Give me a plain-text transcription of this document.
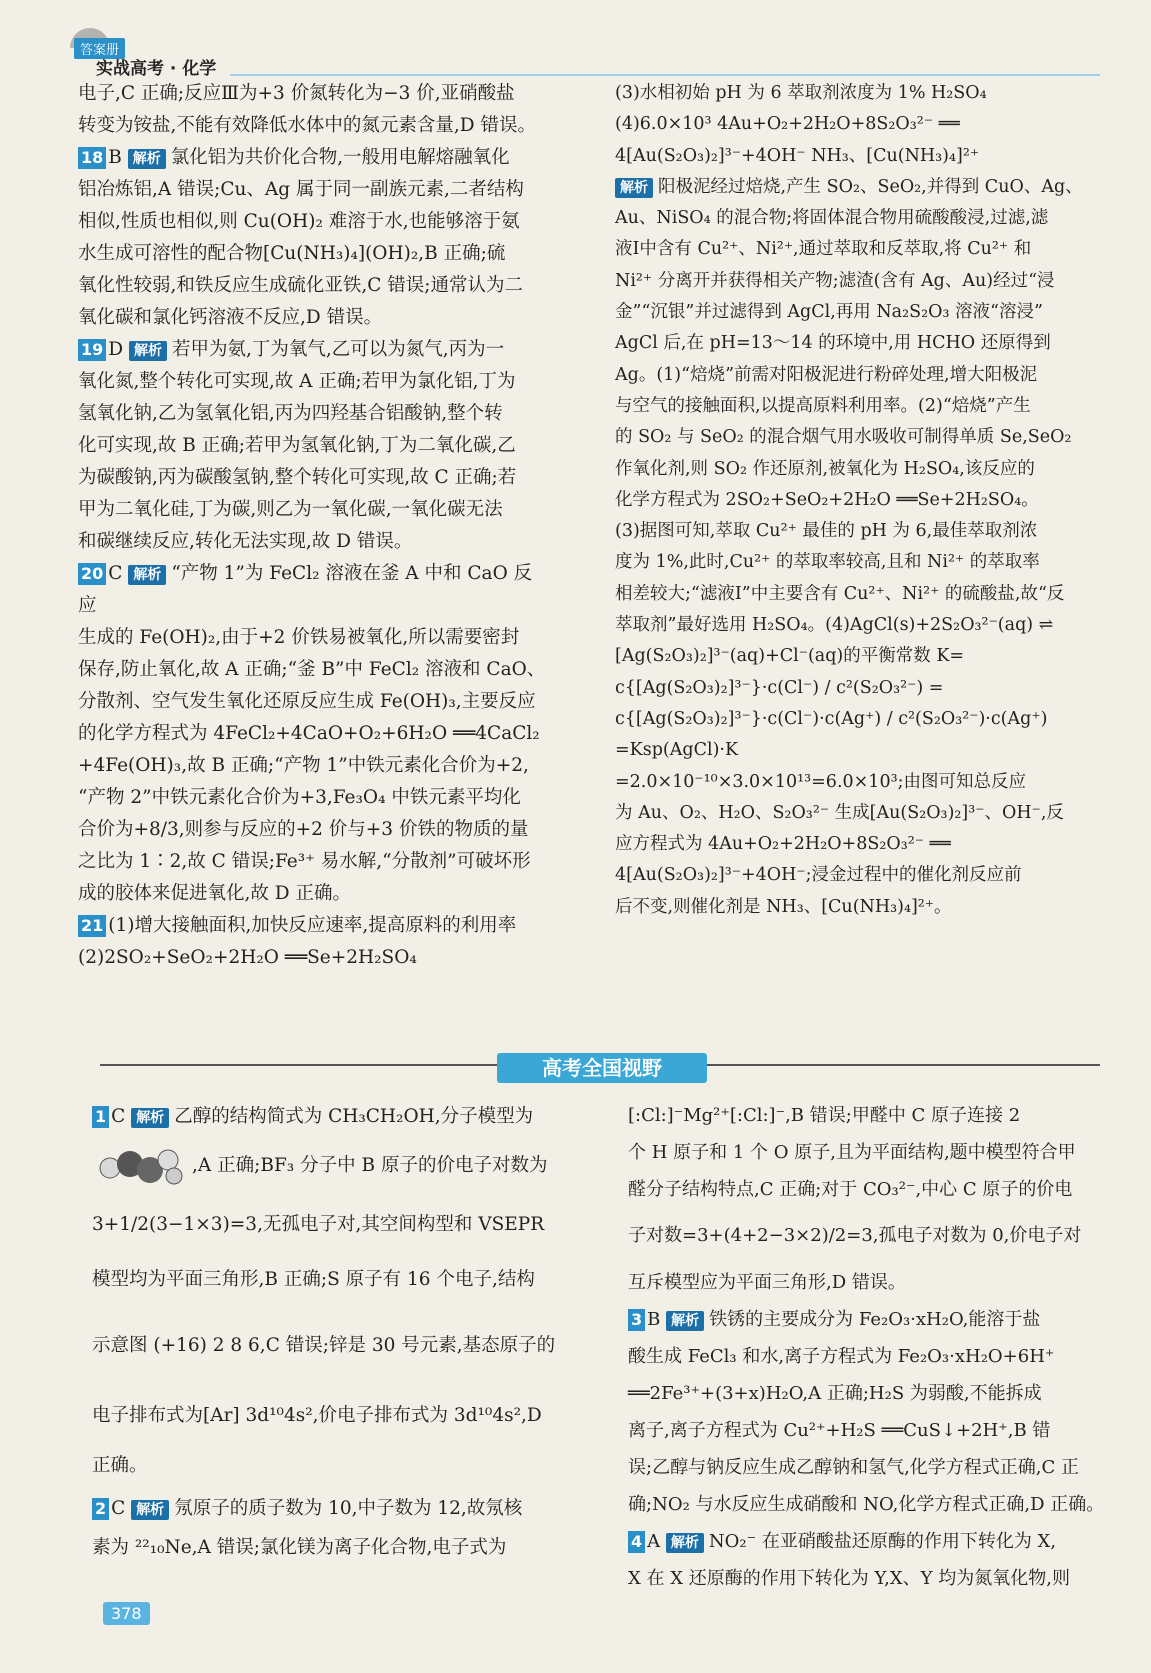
答案册
实战高考 · 化学

电子,C 正确;反应Ⅲ为+3 价氮转化为−3 价,亚硝酸盐

转变为铵盐,不能有效降低水体中的氮元素含量,D 错误。

18 B 解析 氯化铝为共价化合物,一般用电解熔融氧化

铝冶炼铝,A 错误;Cu、Ag 属于同一副族元素,二者结构

相似,性质也相似,则 Cu(OH)₂ 难溶于水,也能够溶于氨

水生成可溶性的配合物[Cu(NH₃)₄](OH)₂,B 正确;硫

氧化性较弱,和铁反应生成硫化亚铁,C 错误;通常认为二

氧化碳和氯化钙溶液不反应,D 错误。

19 D 解析 若甲为氨,丁为氧气,乙可以为氮气,丙为一

氧化氮,整个转化可实现,故 A 正确;若甲为氯化铝,丁为

氢氧化钠,乙为氢氧化铝,丙为四羟基合铝酸钠,整个转

化可实现,故 B 正确;若甲为氢氧化钠,丁为二氧化碳,乙

为碳酸钠,丙为碳酸氢钠,整个转化可实现,故 C 正确;若

甲为二氧化硅,丁为碳,则乙为一氧化碳,一氧化碳无法

和碳继续反应,转化无法实现,故 D 错误。

20 C 解析 “产物 1”为 FeCl₂ 溶液在釜 A 中和 CaO 反应

生成的 Fe(OH)₂,由于+2 价铁易被氧化,所以需要密封

保存,防止氧化,故 A 正确;“釜 B”中 FeCl₂ 溶液和 CaO、

分散剂、空气发生氧化还原反应生成 Fe(OH)₃,主要反应

的化学方程式为 4FeCl₂+4CaO+O₂+6H₂O ══4CaCl₂

+4Fe(OH)₃,故 B 正确;“产物 1”中铁元素化合价为+2,

“产物 2”中铁元素化合价为+3,Fe₃O₄ 中铁元素平均化

合价为+8/3,则参与反应的+2 价与+3 价铁的物质的量

之比为 1∶2,故 C 错误;Fe³⁺ 易水解,“分散剂”可破坏形

成的胶体来促进氧化,故 D 正确。

21 (1)增大接触面积,加快反应速率,提高原料的利用率

(2)2SO₂+SeO₂+2H₂O ══Se+2H₂SO₄

(3)水相初始 pH 为 6 萃取剂浓度为 1% H₂SO₄

(4)6.0×10³ 4Au+O₂+2H₂O+8S₂O₃²⁻ ══

4[Au(S₂O₃)₂]³⁻+4OH⁻ NH₃、[Cu(NH₃)₄]²⁺

解析 阳极泥经过焙烧,产生 SO₂、SeO₂,并得到 CuO、Ag、

Au、NiSO₄ 的混合物;将固体混合物用硫酸酸浸,过滤,滤

液Ⅰ中含有 Cu²⁺、Ni²⁺,通过萃取和反萃取,将 Cu²⁺ 和

Ni²⁺ 分离开并获得相关产物;滤渣(含有 Ag、Au)经过“浸

金”“沉银”并过滤得到 AgCl,再用 Na₂S₂O₃ 溶液“溶浸”

AgCl 后,在 pH=13～14 的环境中,用 HCHO 还原得到

Ag。(1)“焙烧”前需对阳极泥进行粉碎处理,增大阳极泥

与空气的接触面积,以提高原料利用率。(2)“焙烧”产生

的 SO₂ 与 SeO₂ 的混合烟气用水吸收可制得单质 Se,SeO₂

作氧化剂,则 SO₂ 作还原剂,被氧化为 H₂SO₄,该反应的

化学方程式为 2SO₂+SeO₂+2H₂O ══Se+2H₂SO₄。

(3)据图可知,萃取 Cu²⁺ 最佳的 pH 为 6,最佳萃取剂浓

度为 1%,此时,Cu²⁺ 的萃取率较高,且和 Ni²⁺ 的萃取率

相差较大;“滤液Ⅰ”中主要含有 Cu²⁺、Ni²⁺ 的硫酸盐,故“反

萃取剂”最好选用 H₂SO₄。(4)AgCl(s)+2S₂O₃²⁻(aq) ⇌

[Ag(S₂O₃)₂]³⁻(aq)+Cl⁻(aq)的平衡常数 K=

c{[Ag(S₂O₃)₂]³⁻}·c(Cl⁻) / c²(S₂O₃²⁻) =

c{[Ag(S₂O₃)₂]³⁻}·c(Cl⁻)·c(Ag⁺) / c²(S₂O₃²⁻)·c(Ag⁺) =Ksp(AgCl)·K

=2.0×10⁻¹⁰×3.0×10¹³=6.0×10³;由图可知总反应

为 Au、O₂、H₂O、S₂O₃²⁻ 生成[Au(S₂O₃)₂]³⁻、OH⁻,反

应方程式为 4Au+O₂+2H₂O+8S₂O₃²⁻ ══

4[Au(S₂O₃)₂]³⁻+4OH⁻;浸金过程中的催化剂反应前

后不变,则催化剂是 NH₃、[Cu(NH₃)₄]²⁺。

高考全国视野

1 C 解析 乙醇的结构简式为 CH₃CH₂OH,分子模型为

,A 正确;BF₃ 分子中 B 原子的价电子对数为

3+1/2(3−1×3)=3,无孤电子对,其空间构型和 VSEPR

模型均为平面三角形,B 正确;S 原子有 16 个电子,结构

示意图 (+16) 2 8 6,C 错误;锌是 30 号元素,基态原子的

电子排布式为[Ar] 3d¹⁰4s²,价电子排布式为 3d¹⁰4s²,D

正确。

2 C 解析 氖原子的质子数为 10,中子数为 12,故氖核

素为 ²²₁₀Ne,A 错误;氯化镁为离子化合物,电子式为

[:Cl:]⁻Mg²⁺[:Cl:]⁻,B 错误;甲醛中 C 原子连接 2

个 H 原子和 1 个 O 原子,且为平面结构,题中模型符合甲

醛分子结构特点,C 正确;对于 CO₃²⁻,中心 C 原子的价电

子对数=3+(4+2−3×2)/2=3,孤电子对数为 0,价电子对

互斥模型应为平面三角形,D 错误。

3 B 解析 铁锈的主要成分为 Fe₂O₃·xH₂O,能溶于盐

酸生成 FeCl₃ 和水,离子方程式为 Fe₂O₃·xH₂O+6H⁺

══2Fe³⁺+(3+x)H₂O,A 正确;H₂S 为弱酸,不能拆成

离子,离子方程式为 Cu²⁺+H₂S ══CuS↓+2H⁺,B 错

误;乙醇与钠反应生成乙醇钠和氢气,化学方程式正确,C 正

确;NO₂ 与水反应生成硝酸和 NO,化学方程式正确,D 正确。

4 A 解析 NO₂⁻ 在亚硝酸盐还原酶的作用下转化为 X,

X 在 X 还原酶的作用下转化为 Y,X、Y 均为氮氧化物,则

378
